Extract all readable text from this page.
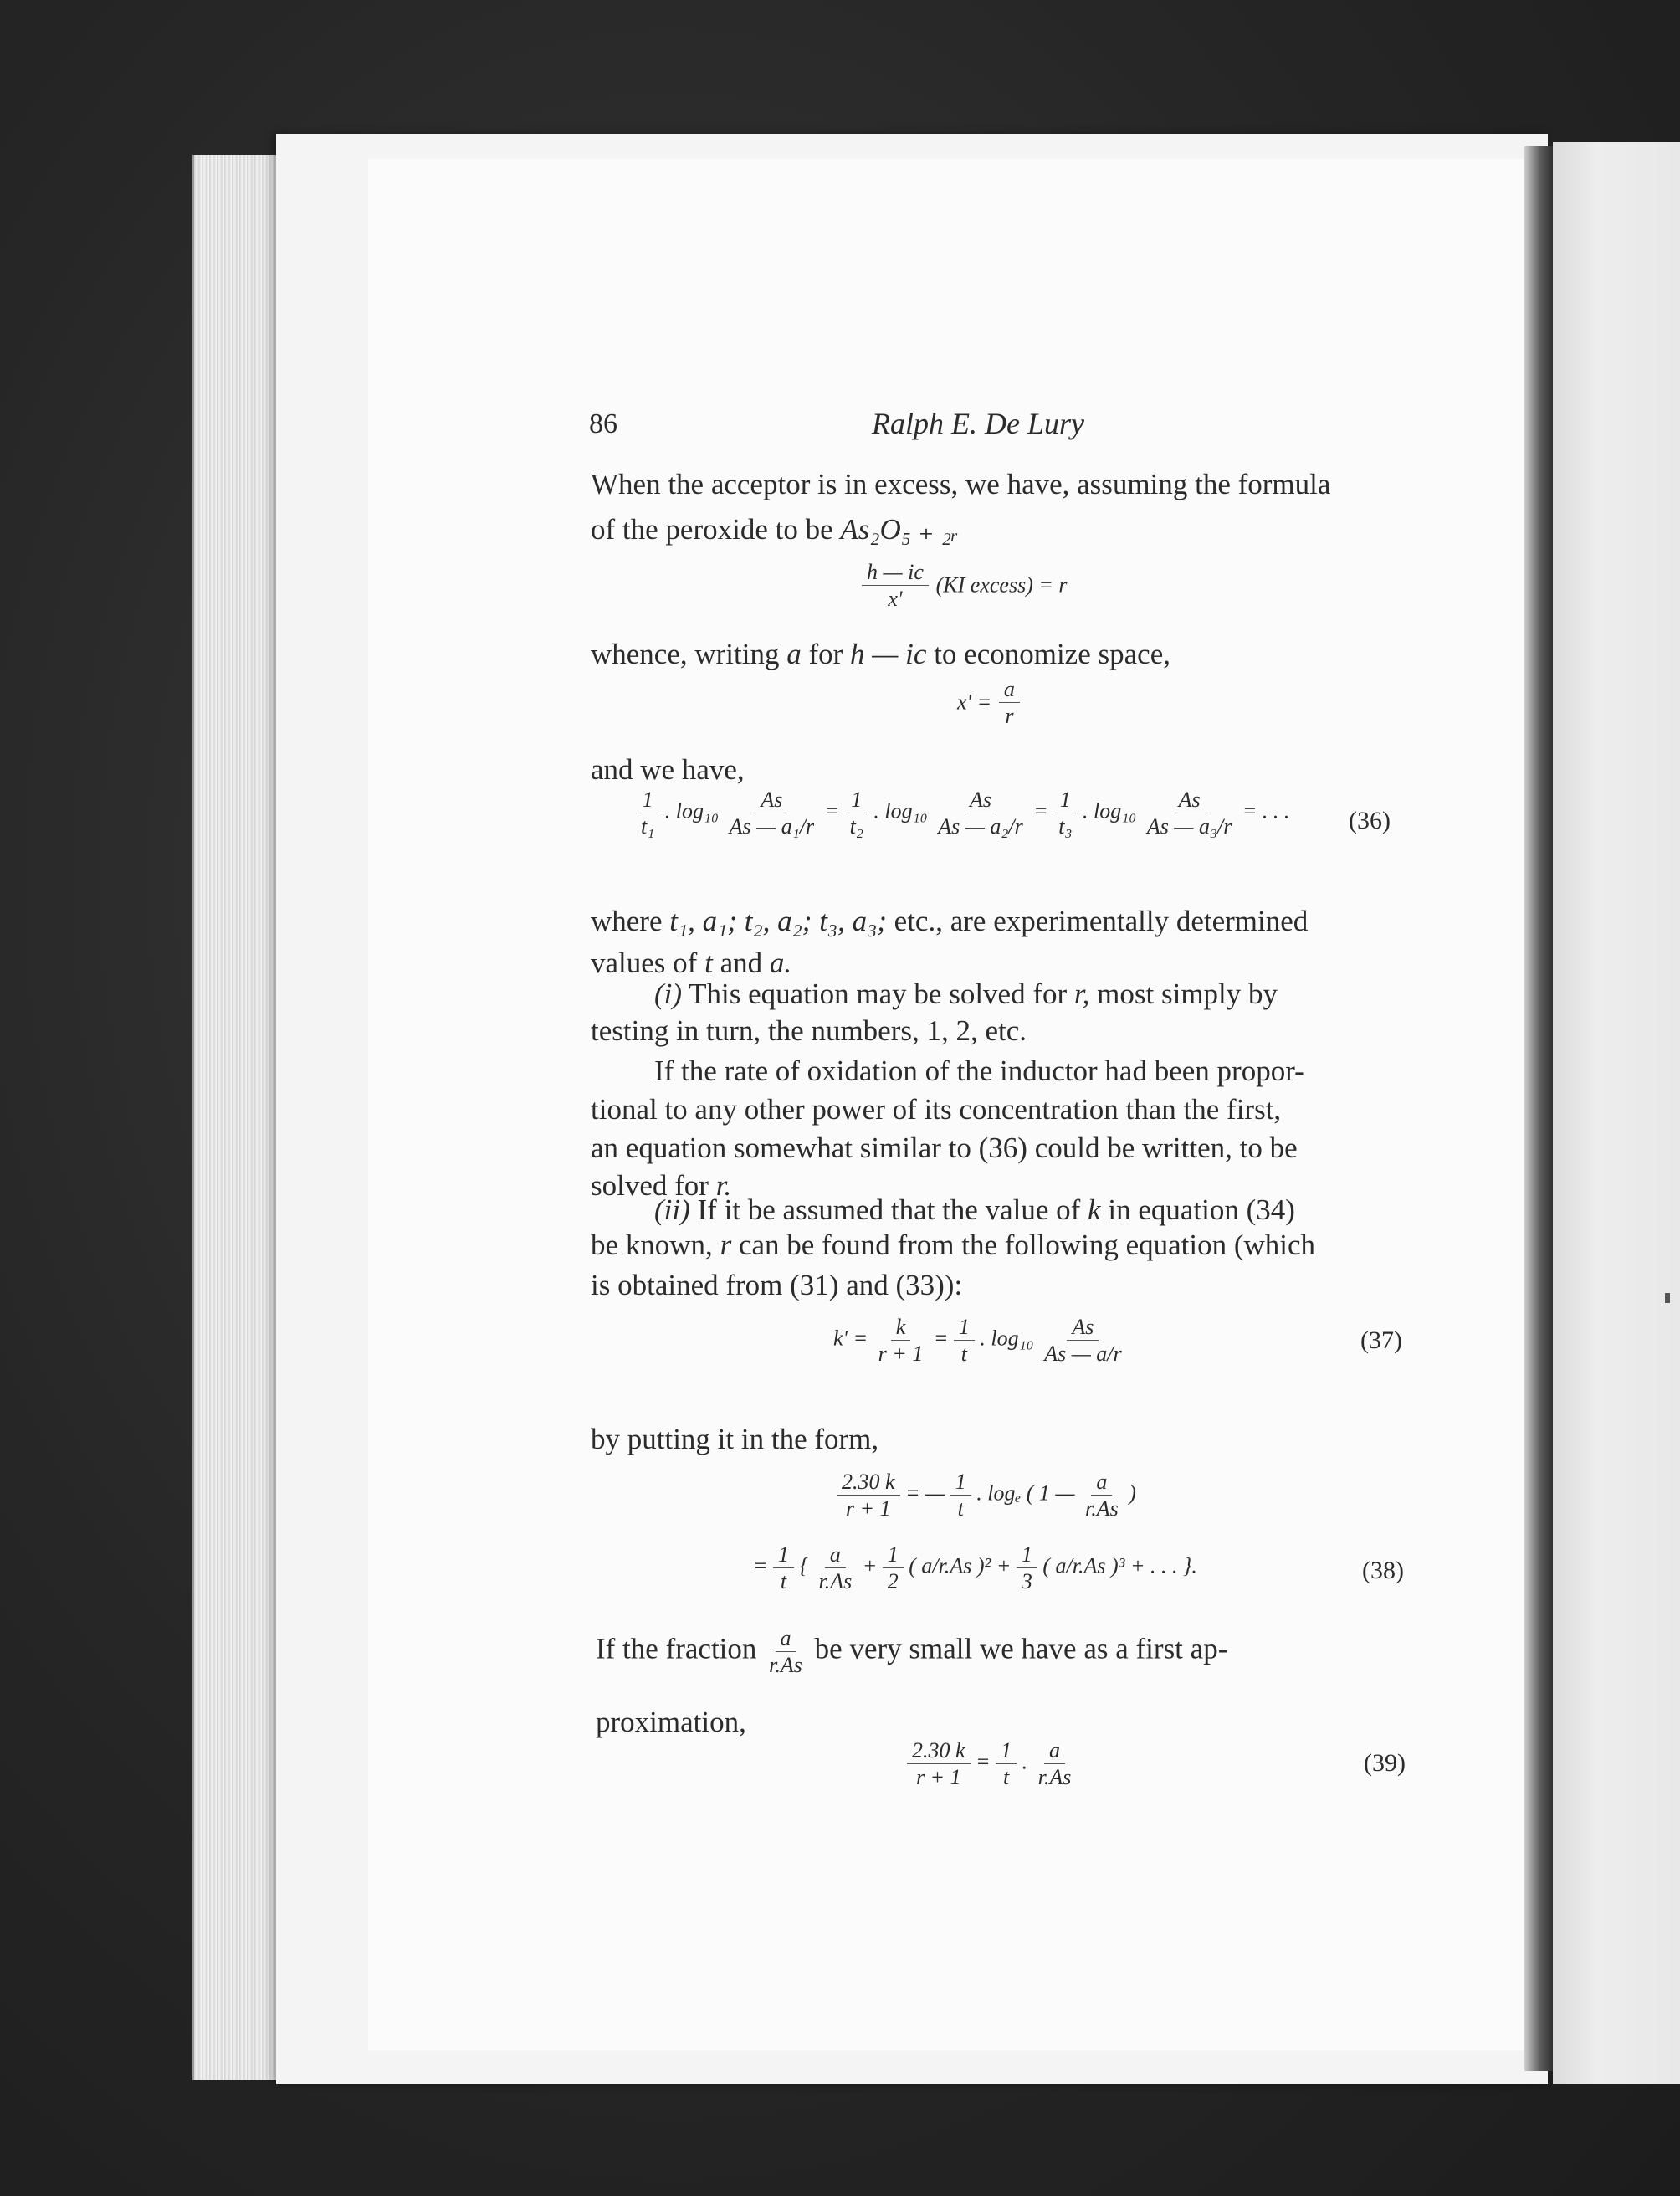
86	Ralph E. De Lury
When the acceptor is in excess, we have, assuming the formula
of the peroxide to be As₂O₅ ₊ ₂ᵣ
$\frac{h — ic}{x'} (KI$ excess) = r
whence, writing a for h — ic to economize space,
$x' = \frac{a}{r}$
and we have,
$\frac{1}{\text{t₁}}$ . $\log_{10} \frac{As}{\text{As — a₁/r}} = \frac{1}{\text{t₂}}$ . $\log_{10} \frac{As}{\text{As — a₂/r}} = \frac{1}{\text{t₃}}$ . $\log_{10} \frac{As}{\text{As — a₃/r}}$ = . . . (36)
where t₁, a₁; t₂, a₂; t₃, a₃; etc., are experimentally determined
values of t and a.
(i) This equation may be solved for r, most simply by
testing in turn, the numbers, 1, 2, etc.
If the rate of oxidation of the inductor had been propor-
tional to any other power of its concentration than the first,
an equation somewhat similar to (36) could be written, to be
solved for r.
(ii) If it be assumed that the value of k in equation (34)
be known, r can be found from the following equation (which
is obtained from (31) and (33)):
$k' = \frac{k}{r + 1} = \frac{1}{t}$ . $\log_{10} \frac{As}{As — a/r}$	(37)
by putting it in the form,
$\frac{2.30 k}{r + 1}$ = — $\frac{1}{t}$ . logₑ ( 1 — $\frac{a}{r.As}$ )
= $\frac{1}{t}$ { $\frac{a}{r.As} + \frac{1}{2}$ ( a/r.As )$^2 + \frac{1}{3}$ ( a/r.As )³ + . . . }.	(38)
If the fraction $\frac{a}{r.As}$ be very small we have as a first ap-
proximation,
$\frac{2.30 k}{r + 1} = \frac{1}{t}$ . $\frac{a}{r.As}$	(39)
